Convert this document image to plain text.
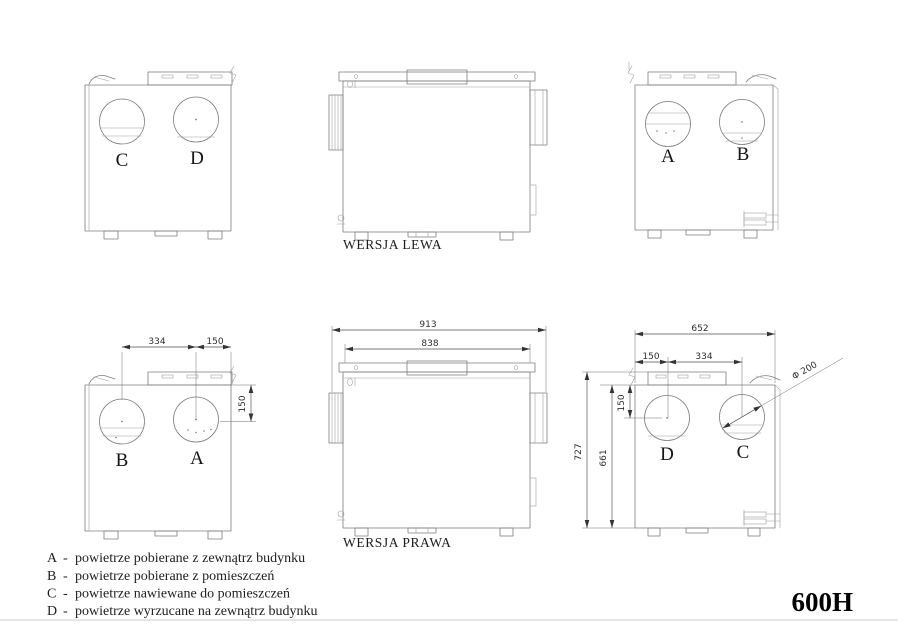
C	D
WERSJA LEWA
A	B
B	A
334	150
150
913
838
WERSJA PRAWA
D	C
652
150	334
Φ 200
727 661
150
A - powietrze pobierane z zewnątrz budynku
B - powietrze pobierane z pomieszczeń
C - powietrze nawiewane do pomieszczeń
D - powietrze wyrzucane na zewnątrz budynku	600H
